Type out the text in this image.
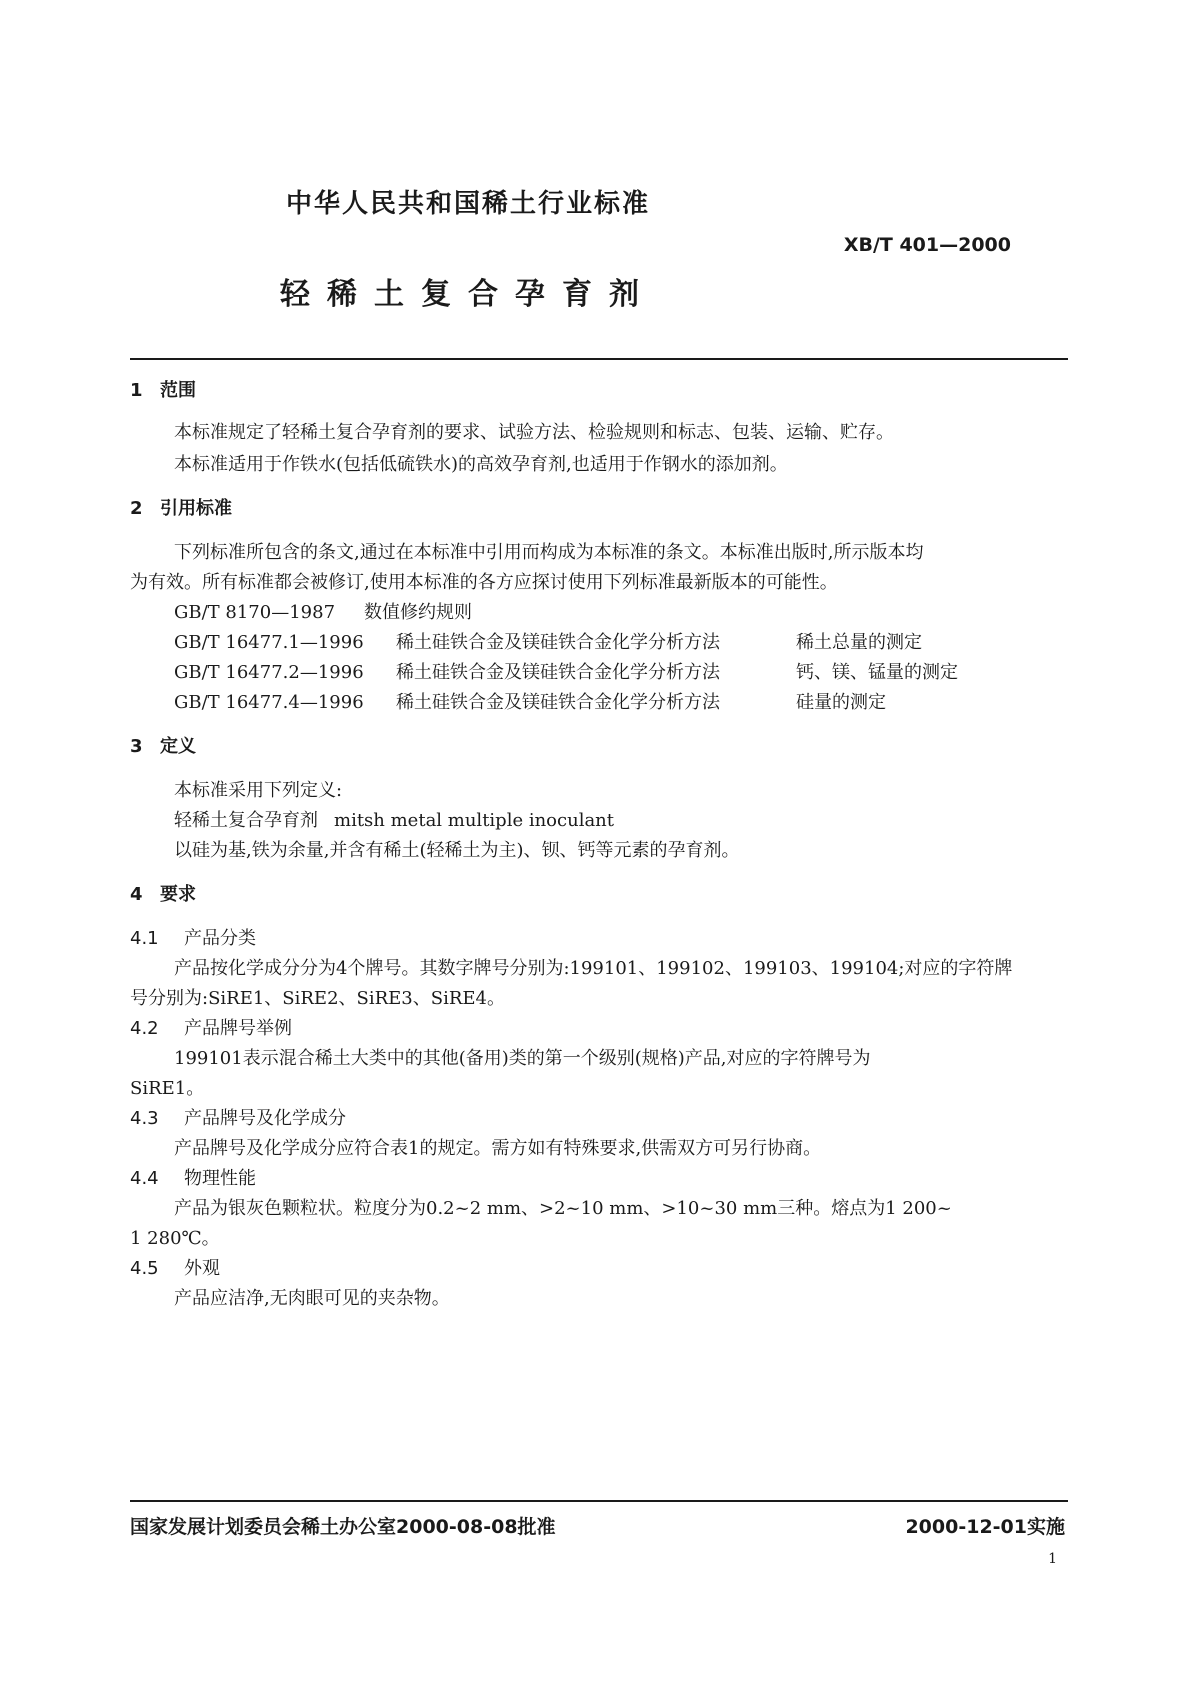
中华人民共和国稀土行业标准
XB/T 401—2000
轻稀土复合孕育剂
1 范围
本标准规定了轻稀土复合孕育剂的要求、试验方法、检验规则和标志、包装、运输、贮存。
本标准适用于作铁水(包括低硫铁水)的高效孕育剂,也适用于作钢水的添加剂。
2 引用标准
下列标准所包含的条文,通过在本标准中引用而构成为本标准的条文。本标准出版时,所示版本均
为有效。所有标准都会被修订,使用本标准的各方应探讨使用下列标准最新版本的可能性。
GB/T 8170—1987 数值修约规则
GB/T 16477.1—1996 稀土硅铁合金及镁硅铁合金化学分析方法	稀土总量的测定
GB/T 16477.2—1996 稀土硅铁合金及镁硅铁合金化学分析方法	钙、镁、锰量的测定
GB/T 16477.4—1996 稀土硅铁合金及镁硅铁合金化学分析方法	硅量的测定
3 定义
本标准采用下列定义:
轻稀土复合孕育剂 mitsh metal multiple inoculant
以硅为基,铁为余量,并含有稀土(轻稀土为主)、钡、钙等元素的孕育剂。
4 要求
4.1 产品分类
产品按化学成分分为4个牌号。其数字牌号分别为:199101、199102、199103、199104;对应的字符牌
号分别为:SiRE1、SiRE2、SiRE3、SiRE4。
4.2 产品牌号举例
199101表示混合稀土大类中的其他(备用)类的第一个级别(规格)产品,对应的字符牌号为
SiRE1。
4.3 产品牌号及化学成分
产品牌号及化学成分应符合表1的规定。需方如有特殊要求,供需双方可另行协商。
4.4 物理性能
产品为银灰色颗粒状。粒度分为0.2~2 mm、>2~10 mm、>10~30 mm三种。熔点为1 200~
1 280℃。
4.5 外观
产品应洁净,无肉眼可见的夹杂物。
国家发展计划委员会稀土办公室2000-08-08批准	2000-12-01实施
1
